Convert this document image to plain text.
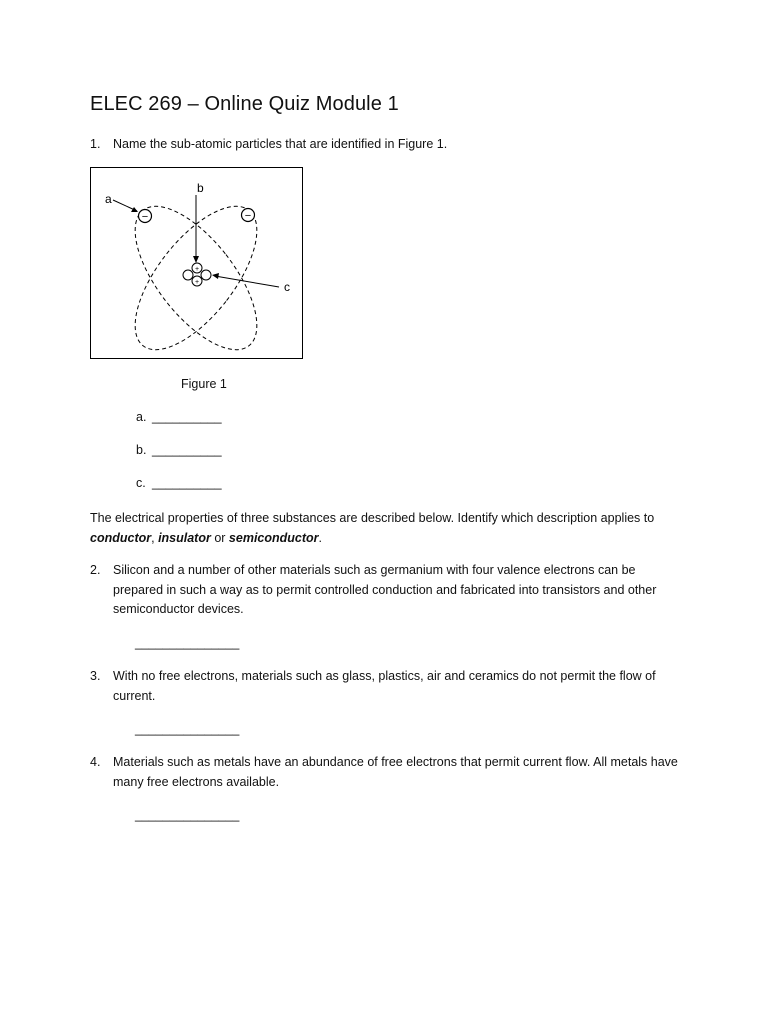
ELEC 269 – Online Quiz Module 1
1. Name the sub-atomic particles that are identified in Figure 1.
−	−
+
+
a
b
c
Figure 1
a. __________
b. __________
c. __________
The electrical properties of three substances are described below. Identify which description applies to conductor, insulator or semiconductor.
2. Silicon and a number of other materials such as germanium with four valence electrons can be prepared in such a way as to permit controlled conduction and fabricated into transistors and other semiconductor devices.
_______________
3. With no free electrons, materials such as glass, plastics, air and ceramics do not permit the flow of current.
_______________
4. Materials such as metals have an abundance of free electrons that permit current flow. All metals have many free electrons available.
_______________
